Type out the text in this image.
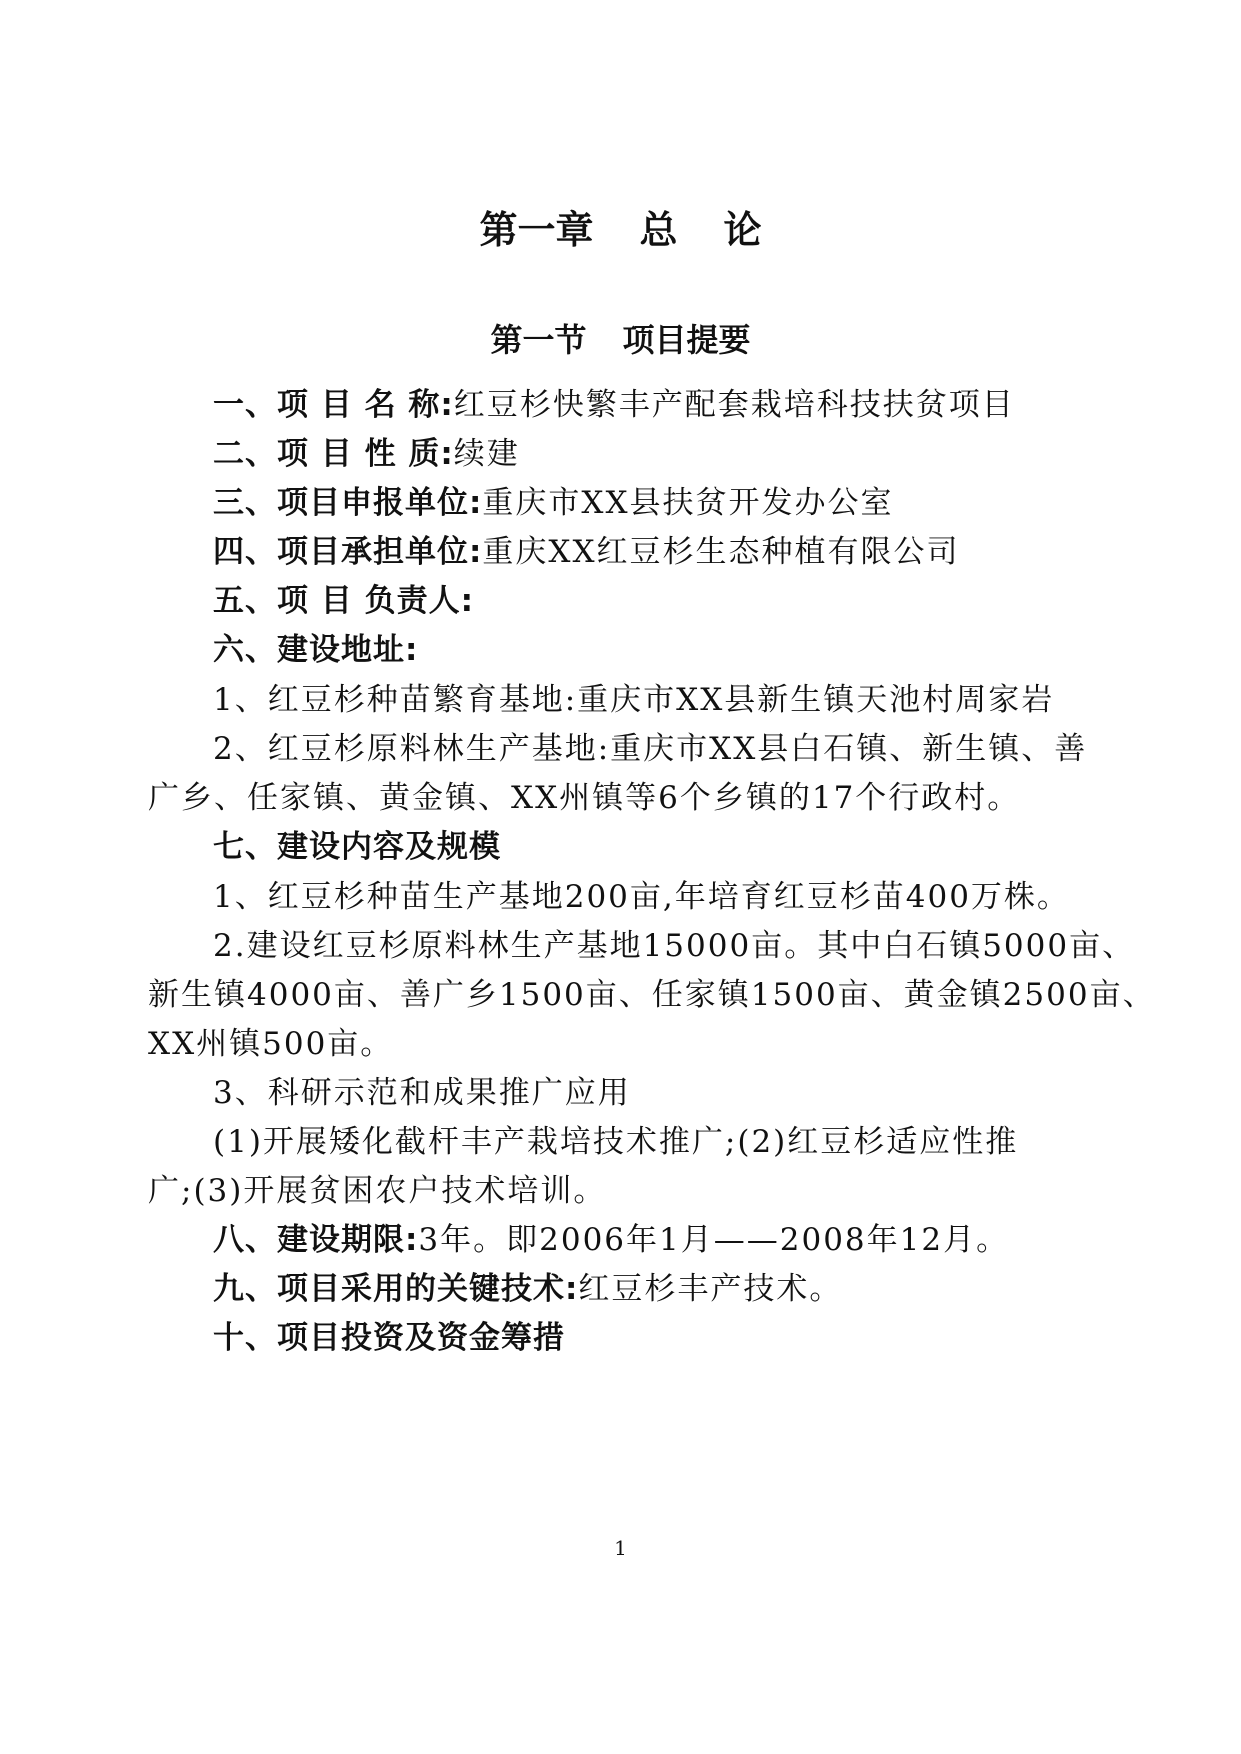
第一章 总 论
第一节 项目提要
一、项 目 名 称:红豆杉快繁丰产配套栽培科技扶贫项目
二、项 目 性 质:续建
三、项目申报单位:重庆市XX县扶贫开发办公室
四、项目承担单位:重庆XX红豆杉生态种植有限公司
五、项 目 负责人:
六、建设地址:
1、红豆杉种苗繁育基地:重庆市XX县新生镇天池村周家岩
2、红豆杉原料林生产基地:重庆市XX县白石镇、新生镇、善
广乡、任家镇、黄金镇、XX州镇等6个乡镇的17个行政村。
七、建设内容及规模
1、红豆杉种苗生产基地200亩,年培育红豆杉苗400万株。
2.建设红豆杉原料林生产基地15000亩。其中白石镇5000亩、
新生镇4000亩、善广乡1500亩、任家镇1500亩、黄金镇2500亩、
XX州镇500亩。
3、科研示范和成果推广应用
(1)开展矮化截杆丰产栽培技术推广;(2)红豆杉适应性推
广;(3)开展贫困农户技术培训。
八、建设期限:3年。即2006年1月——2008年12月。
九、项目采用的关键技术:红豆杉丰产技术。
十、项目投资及资金筹措
1
